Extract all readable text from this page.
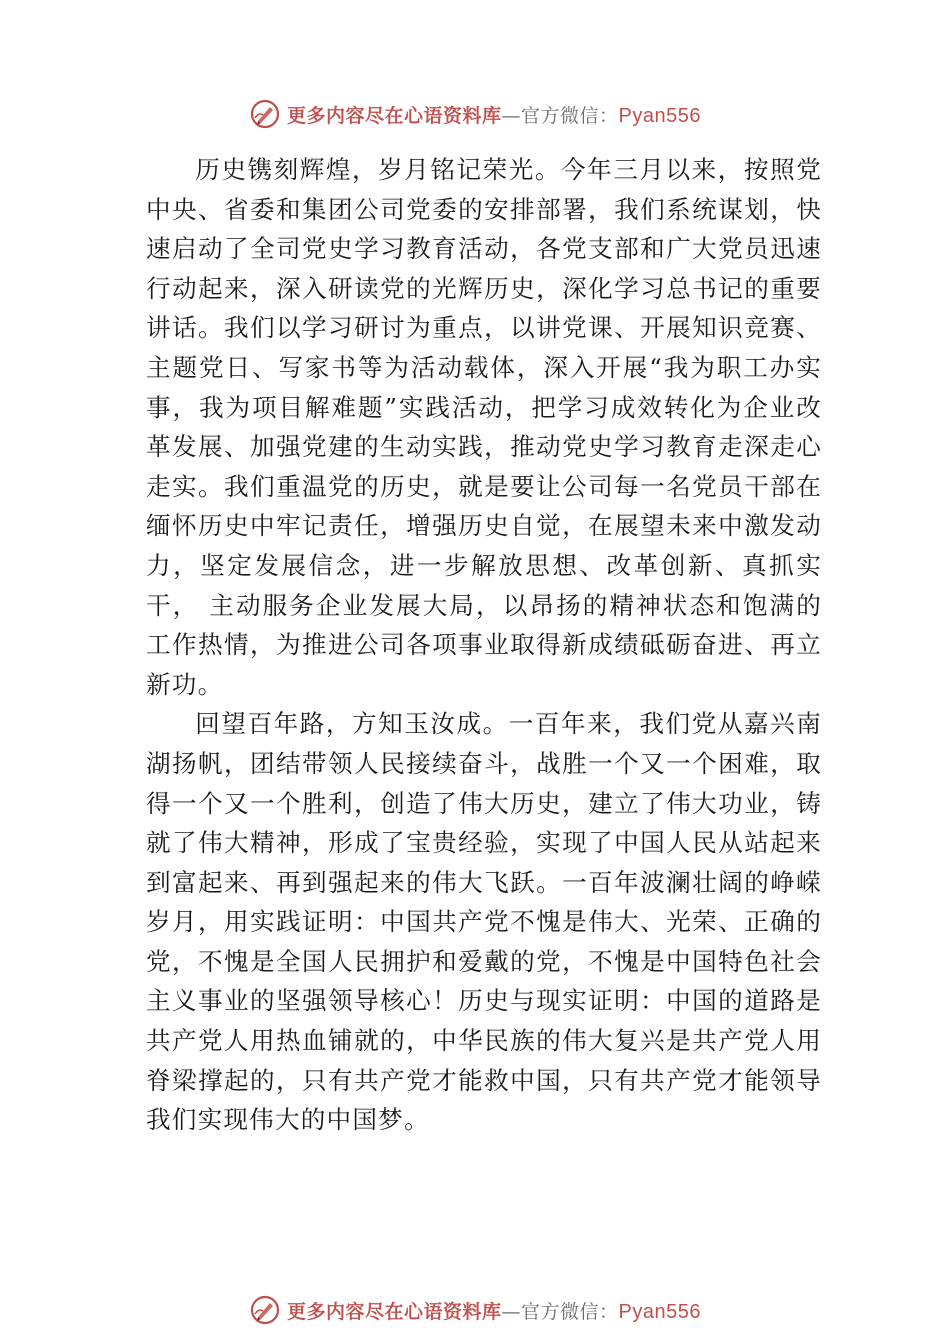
更多内容尽在心语资料库—官方微信：Pyan556

历史镌刻辉煌，岁月铭记荣光。今年三月以来，按照党中央、省委和集团公司党委的安排部署，我们系统谋划，快速启动了全司党史学习教育活动，各党支部和广大党员迅速行动起来，深入研读党的光辉历史，深化学习总书记的重要讲话。我们以学习研讨为重点，以讲党课、开展知识竞赛、主题党日、写家书等为活动载体，深入开展“我为职工办实事，我为项目解难题”实践活动，把学习成效转化为企业改革发展、加强党建的生动实践，推动党史学习教育走深走心走实。我们重温党的历史，就是要让公司每一名党员干部在缅怀历史中牢记责任，增强历史自觉，在展望未来中激发动力，坚定发展信念，进一步解放思想、改革创新、真抓实干， 主动服务企业发展大局，以昂扬的精神状态和饱满的工作热情，为推进公司各项事业取得新成绩砥砺奋进、再立新功。

回望百年路，方知玉汝成。一百年来，我们党从嘉兴南湖扬帆，团结带领人民接续奋斗，战胜一个又一个困难，取得一个又一个胜利，创造了伟大历史，建立了伟大功业，铸就了伟大精神，形成了宝贵经验，实现了中国人民从站起来到富起来、再到强起来的伟大飞跃。一百年波澜壮阔的峥嵘岁月，用实践证明：中国共产党不愧是伟大、光荣、正确的党，不愧是全国人民拥护和爱戴的党，不愧是中国特色社会主义事业的坚强领导核心！历史与现实证明：中国的道路是共产党人用热血铺就的，中华民族的伟大复兴是共产党人用脊梁撑起的，只有共产党才能救中国，只有共产党才能领导我们实现伟大的中国梦。

更多内容尽在心语资料库—官方微信：Pyan556
